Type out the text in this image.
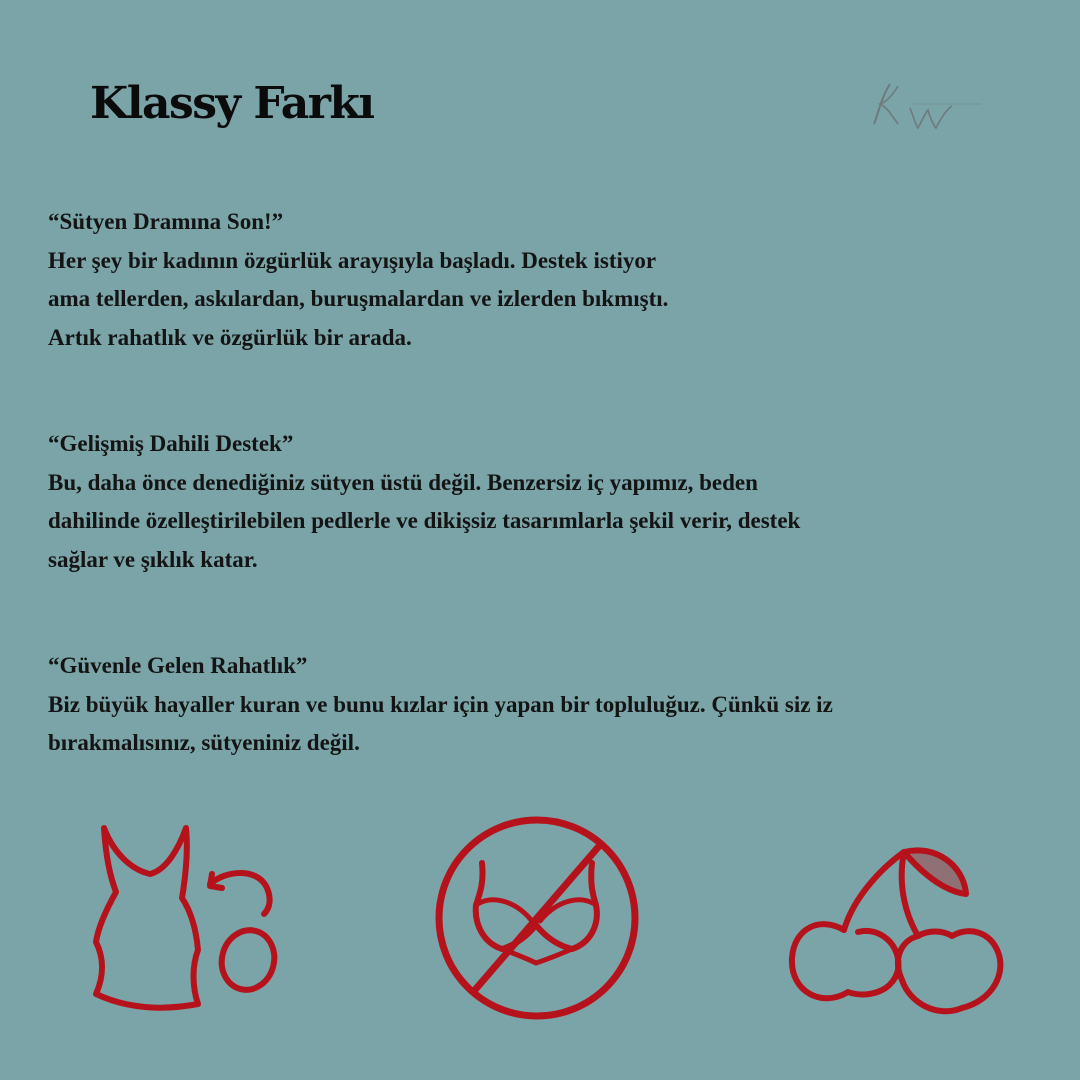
Klassy Farkı
“Sütyen Dramına Son!”
Her şey bir kadının özgürlük arayışıyla başladı. Destek istiyor
ama tellerden, askılardan, buruşmalardan ve izlerden bıkmıştı.
Artık rahatlık ve özgürlük bir arada.
“Gelişmiş Dahili Destek”
Bu, daha önce denediğiniz sütyen üstü değil. Benzersiz iç yapımız, beden
dahilinde özelleştirilebilen pedlerle ve dikişsiz tasarımlarla şekil verir, destek
sağlar ve şıklık katar.
“Güvenle Gelen Rahatlık”
Biz büyük hayaller kuran ve bunu kızlar için yapan bir topluluğuz. Çünkü siz iz
bırakmalısınız, sütyeniniz değil.
